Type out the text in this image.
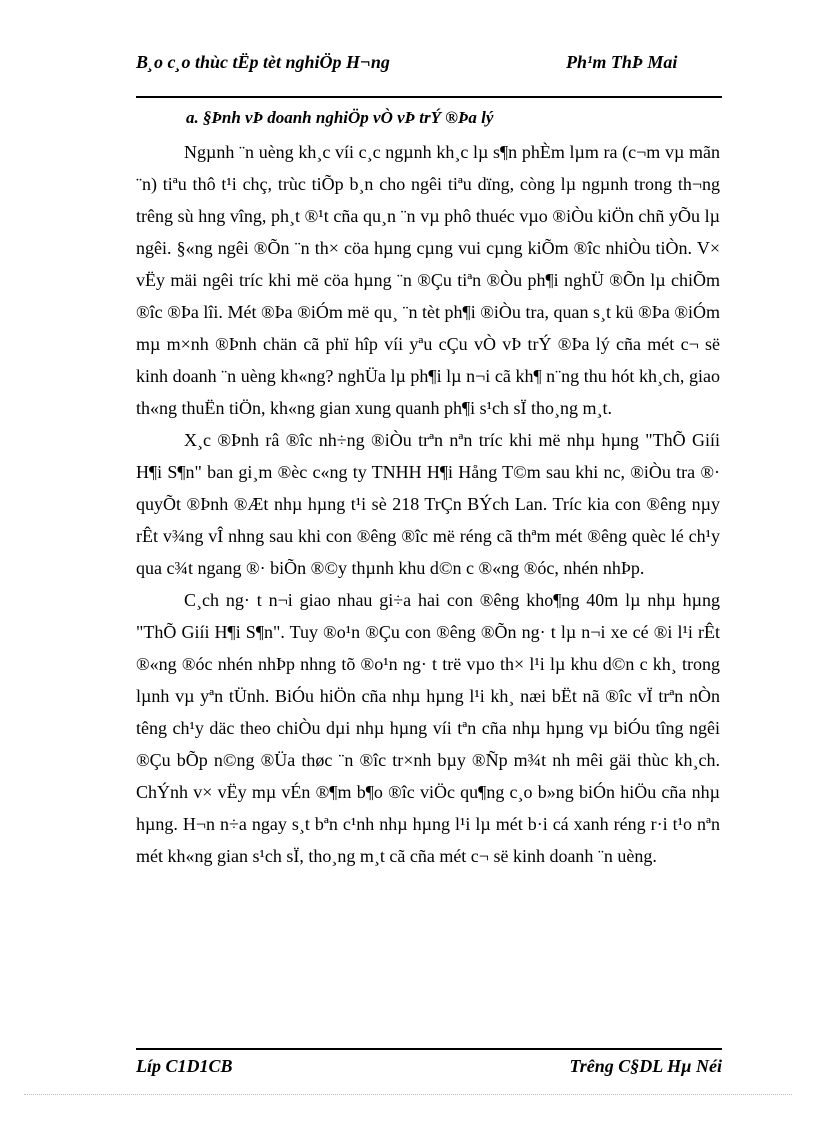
B¸o c¸o thùc tËp tèt nghiÖp H¬ng	Ph¹m ThÞ Mai
a. §Þnh vÞ doanh nghiÖp vÒ vÞ trÝ ®Þa lý

Ngµnh ¨n uèng kh¸c víi c¸c ngµnh kh¸c lµ s¶n phÈm lµm ra (c¬m vµ mãn ¨n) tiªu thô t¹i chç, trùc tiÕp b¸n cho ngêi tiªu dïng, còng lµ ngµnh trong th¬ng trêng sù hng vîng, ph¸t ®¹t cña qu¸n ¨n vµ phô thuéc vµo ®iÒu kiÖn chñ yÕu lµ ngêi. §«ng ngêi ®Õn ¨n th× cöa hµng cµng vui cµng kiÕm ®îc nhiÒu tiÒn. V× vËy mäi ngêi tríc khi më cöa hµng ¨n ®Çu tiªn ®Òu ph¶i nghÜ ®Õn lµ chiÕm ®îc ®Þa lîi. Mét ®Þa ®iÓm më qu¸ ¨n tèt ph¶i ®iÒu tra, quan s¸t kü ®Þa ®iÓm mµ m×nh ®Þnh chän cã phï hîp víi yªu cÇu vÒ vÞ trÝ ®Þa lý cña mét c¬ së kinh doanh ¨n uèng kh«ng? nghÜa lµ ph¶i lµ n¬i cã kh¶ n¨ng thu hót kh¸ch, giao th«ng thuËn tiÖn, kh«ng gian xung quanh ph¶i s¹ch sÏ tho¸ng m¸t.

X¸c ®Þnh râ ®îc nh÷ng ®iÒu trªn nªn tríc khi më nhµ hµng "ThÕ Giíi H¶i S¶n" ban gi¸m ®èc c«ng ty TNHH H¶i Hång T©m sau khi nc, ®iÒu tra ®· quyÕt ®Þnh ®Æt nhµ hµng t¹i sè 218 TrÇn BÝch Lan. Tríc kia con ®êng nµy rÊt v¾ng vÎ nhng sau khi con ®êng ®îc më réng cã thªm mét ®êng quèc lé ch¹y qua c¾t ngang ®· biÕn ®©y thµnh khu d©n c ®«ng ®óc, nhén nhÞp.

C¸ch ng· t n¬i giao nhau gi÷a hai con ®êng kho¶ng 40m lµ nhµ hµng "ThÕ Giíi H¶i S¶n". Tuy ®o¹n ®Çu con ®êng ®Õn ng· t lµ n¬i xe cé ®i l¹i rÊt ®«ng ®óc nhén nhÞp nhng tõ ®o¹n ng· t trë vµo th× l¹i lµ khu d©n c kh¸ trong lµnh vµ yªn tÜnh. BiÓu hiÖn cña nhµ hµng l¹i kh¸ næi bËt nã ®îc vÏ trªn nÒn têng ch¹y däc theo chiÒu dµi nhµ hµng víi tªn cña nhµ hµng vµ biÓu tîng ngêi ®Çu bÕp n©ng ®Üa thøc ¨n ®îc tr×nh bµy ®Ñp m¾t nh mêi gäi thùc kh¸ch. ChÝnh v× vËy mµ vÉn ®¶m b¶o ®îc viÖc qu¶ng c¸o b»ng biÓn hiÖu cña nhµ hµng. H¬n n÷a ngay s¸t bªn c¹nh nhµ hµng l¹i lµ mét b·i cá xanh réng r·i t¹o nªn mét kh«ng gian s¹ch sÏ, tho¸ng m¸t cã cña mét c¬ së kinh doanh ¨n uèng.

Líp C1D1CB	Trêng C§DL Hµ Néi
